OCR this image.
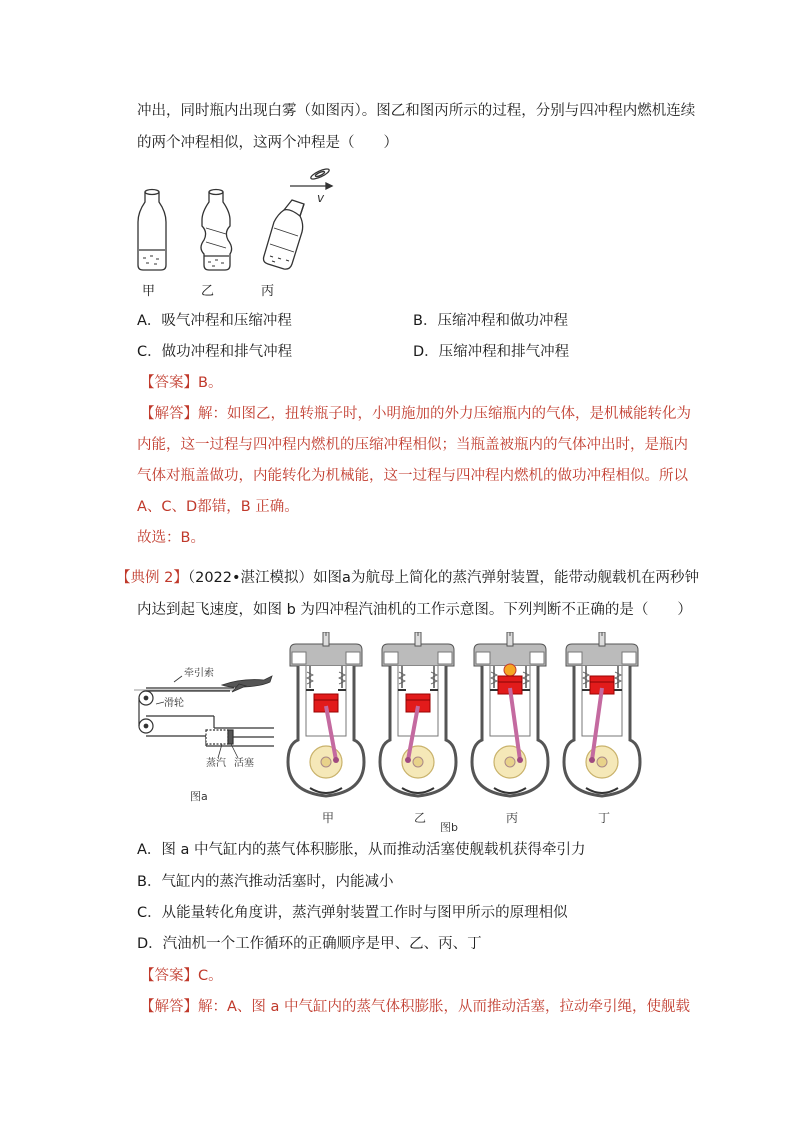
冲出，同时瓶内出现白雾（如图丙）。图乙和图丙所示的过程，分别与四冲程内燃机连续
的两个冲程相似，这两个冲程是（　　）
v
甲	乙	丙
A．吸气冲程和压缩冲程	B．压缩冲程和做功冲程
C．做功冲程和排气冲程	D．压缩冲程和排气冲程
【答案】B。
【解答】解：如图乙，扭转瓶子时，小明施加的外力压缩瓶内的气体，是机械能转化为
内能，这一过程与四冲程内燃机的压缩冲程相似；当瓶盖被瓶内的气体冲出时，是瓶内
气体对瓶盖做功，内能转化为机械能，这一过程与四冲程内燃机的做功冲程相似。所以
A、C、D都错，B 正确。
故选：B。
【典例 2】（2022•湛江模拟）如图a为航母上简化的蒸汽弹射装置，能带动舰载机在两秒钟
内达到起飞速度，如图 b 为四冲程汽油机的工作示意图。下列判断不正确的是（　　）
牵引索
滑轮
蒸汽 活塞
图a
甲	乙	丙	丁
图b
A．图 a 中气缸内的蒸气体积膨胀，从而推动活塞使舰载机获得牵引力
B．气缸内的蒸汽推动活塞时，内能减小
C．从能量转化角度讲，蒸汽弹射装置工作时与图甲所示的原理相似
D．汽油机一个工作循环的正确顺序是甲、乙、丙、丁
【答案】C。
【解答】解：A、图 a 中气缸内的蒸气体积膨胀，从而推动活塞，拉动牵引绳，使舰载
